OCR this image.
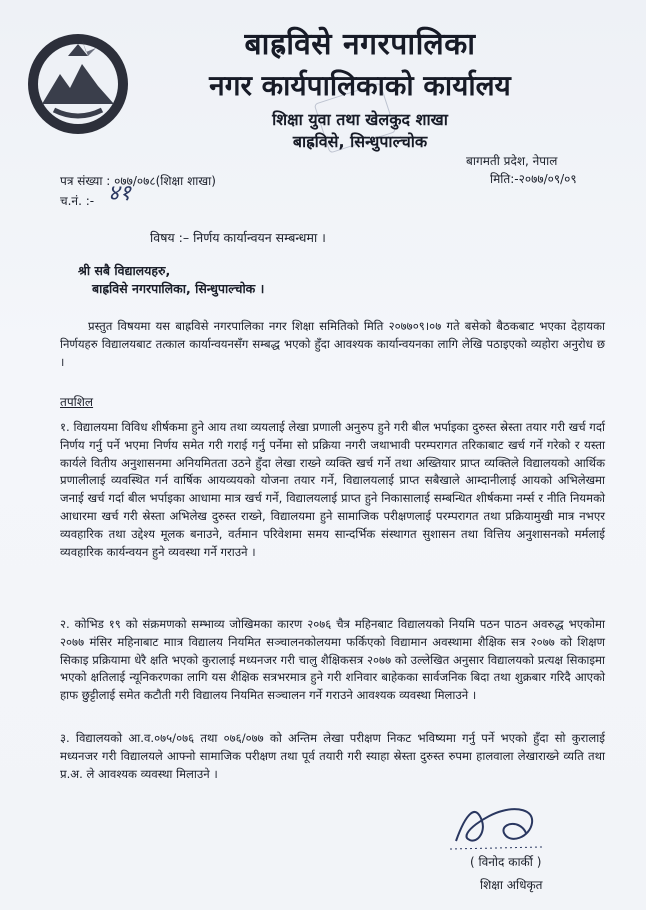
बाह्रविसे नगरपालिका
नगर कार्यपालिकाको कार्यालय
शिक्षा युवा तथा खेलकुद शाखा
बाह्रविसे, सिन्धुपाल्चोक
बागमती प्रदेश, नेपाल
मिति:-२०७७/०९/०९
पत्र संख्या : ०७७/०७८(शिक्षा शाखा)
च.नं. :- ४१
विषय :– निर्णय कार्यान्वयन सम्बन्धमा ।
श्री सबै विद्यालयहरु,
बाह्रविसे नगरपालिका, सिन्धुपाल्चोक ।
प्रस्तुत विषयमा यस बाह्रविसे नगरपालिका नगर शिक्षा समितिको मिति २०७७०९।०७ गते बसेको बैठकबाट भएका देहायका निर्णयहरु विद्यालयबाट तत्काल कार्यान्वयनसँग सम्बद्ध भएको हुँदा आवश्यक कार्यान्वयनका लागि लेखि पठाइएको व्यहोरा अनुरोध छ ।
तपशिल
१. विद्यालयमा विविध शीर्षकमा हुने आय तथा व्ययलाई लेखा प्रणाली अनुरुप हुने गरी बील भर्पाइका दुरुस्त स्रेस्ता तयार गरी खर्च गर्दा निर्णय गर्नु पर्ने भएमा निर्णय समेत गरी गराई गर्नु पर्नेमा सो प्रक्रिया नगरी जथाभावी परम्परागत तरिकाबाट खर्च गर्ने गरेको र यस्ता कार्यले वितीय अनुशासनमा अनियमितता उठने हुँदा लेखा राख्ने व्यक्ति खर्च गर्ने तथा अख्तियार प्राप्त व्यक्तिले विद्यालयको आर्थिक प्रणालीलाई व्यवस्थित गर्न वार्षिक आयव्ययको योजना तयार गर्ने, विद्यालयलाई प्राप्त सबैखाले आम्दानीलाई आयको अभिलेखमा जनाई खर्च गर्दा बील भर्पाइका आधामा मात्र खर्च गर्ने, विद्यालयलाई प्राप्त हुने निकासालाई सम्बन्धित शीर्षकमा नर्म्स र नीति नियमको आधारमा खर्च गरी स्रेस्ता अभिलेख दुरुस्त राख्ने, विद्यालयमा हुने सामाजिक परीक्षणलाई परम्परागत तथा प्रक्रियामुखी मात्र नभएर व्यवहारिक तथा उद्देश्य मूलक बनाउने, वर्तमान परिवेशमा समय सान्दर्भिक संस्थागत सुशासन तथा वित्तिय अनुशासनको मर्मलाई व्यवहारिक कार्यन्वयन हुने व्यवस्था गर्ने गराउने ।
२. कोभिड १९ को संक्रमणको सम्भाव्य जोखिमका कारण २०७६ चैत्र महिनबाट विद्यालयको नियमि पठन पाठन अवरुद्ध भएकोमा २०७७ मंसिर महिनाबाट माात्र विद्यालय नियमित सञ्चालनकोलयमा फर्किएको विद्यामान अवस्थामा शैक्षिक सत्र २०७७ को शिक्षण सिकाइ प्रक्रियामा धेरै क्षति भएको कुरालाई मध्यनजर गरी चालु शैक्षिकसत्र २०७७ को उल्लेखित अनुसार विद्यालयको प्रत्यक्ष सिकाइमा भएको क्षतिलाई न्यूनिकरणका लागि यस शैक्षिक सत्रभरमात्र हुने गरी शनिवार बाहेकका सार्वजनिक बिदा तथा शुक्रबार गरिदै आएको हाफ छुट्टीलाई समेत कटौती गरी विद्यालय नियमित सञ्चालन गर्ने गराउने आवश्यक व्यवस्था मिलाउने ।
३. विद्यालयको आ.व.०७५/०७६ तथा ०७६/०७७ को अन्तिम लेखा परीक्षण निकट भविष्यमा गर्नु पर्ने भएको हुँदा सो कुरालाई मध्यनजर गरी विद्यालयले आफ्नो सामाजिक परीक्षण तथा पूर्व तयारी गरी स्याहा स्रेस्ता दुरुस्त रुपमा हालवाला लेखाराख्ने व्यति तथा प्र.अ. ले आवश्यक व्यवस्था मिलाउने ।
( विनोद कार्की )
शिक्षा अधिकृत
